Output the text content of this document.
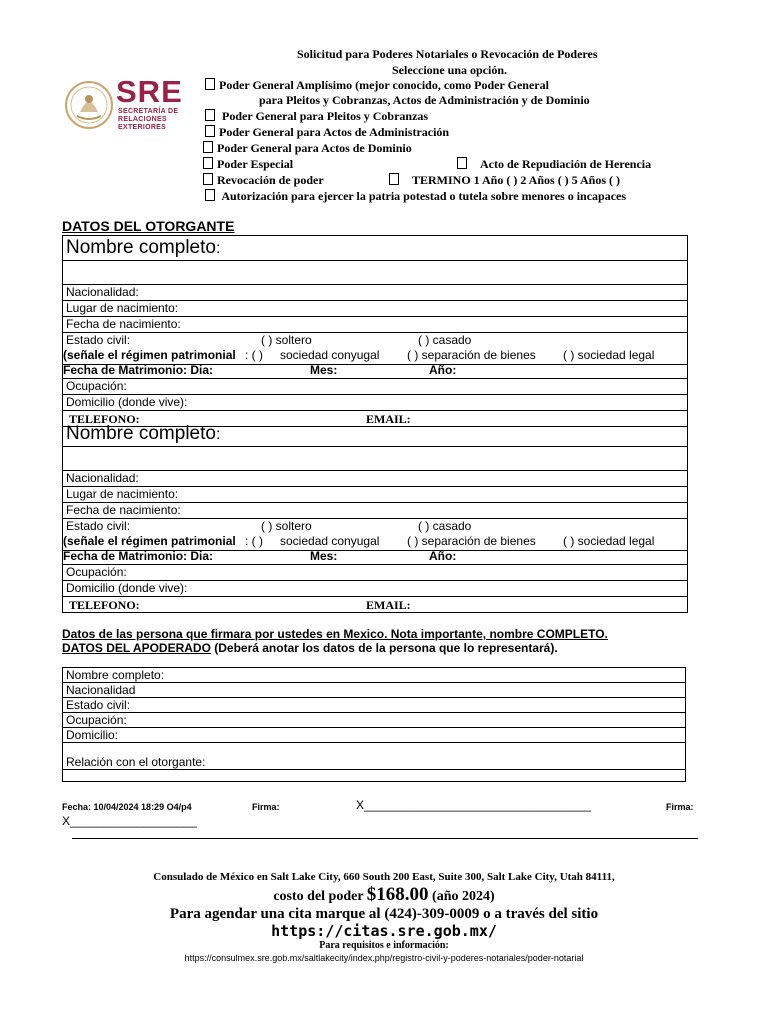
SRE
SECRETARÍA DE
RELACIONES
EXTERIORES
Solicitud para Poderes Notariales o Revocación de Poderes
Seleccione una opción.
Poder General Amplísimo (mejor conocido, como Poder General
para Pleitos y Cobranzas, Actos de Administración y de Dominio
Poder General para Pleitos y Cobranzas
Poder General para Actos de Administración
Poder General para Actos de Dominio
Poder Especial	Acto de Repudiación de Herencia
Revocación de poder	TERMINO 1 Año ( ) 2 Años ( ) 5 Años ( )
Autorización para ejercer la patria potestad o tutela sobre menores o incapaces
DATOS DEL OTORGANTE
Nombre completo:
Nacionalidad:
Lugar de nacimiento:
Fecha de nacimiento:
Estado civil:	( ) soltero	( ) casado
(señale el régimen patrimonial : ( ) sociedad conyugal ( ) separación de bienes ( ) sociedad legal
Fecha de Matrimonio: Dia:	Mes:	Año:
Ocupación:
Domicilio (donde vive):
TELEFONO:	EMAIL:
Nombre completo:
Nacionalidad:
Lugar de nacimiento:
Fecha de nacimiento:
Estado civil:	( ) soltero	( ) casado
(señale el régimen patrimonial : ( ) sociedad conyugal ( ) separación de bienes ( ) sociedad legal
Fecha de Matrimonio: Dia:	Mes:	Año:
Ocupación:
Domicilio (donde vive):
TELEFONO:	EMAIL:
Datos de las persona que firmara por ustedes en Mexico. Nota importante, nombre COMPLETO.
DATOS DEL APODERADO (Deberá anotar los datos de la persona que lo representará).
Nombre completo:
Nacionalidad
Estado civil:
Ocupación:
Domicilio:
Relación con el otorgante:
Fecha: 10/04/2024 18:29 O4/p4	Firma:	X__________________________________	Firma:
X___________________
Consulado de México en Salt Lake City, 660 South 200 East, Suite 300, Salt Lake City, Utah 84111,
costo del poder $168.00 (año 2024)
Para agendar una cita marque al (424)-309-0009 o a través del sitio
https://citas.sre.gob.mx/
Para requisitos e información:
https://consulmex.sre.gob.mx/saltlakecity/index.php/registro-civil-y-poderes-notariales/poder-notarial
